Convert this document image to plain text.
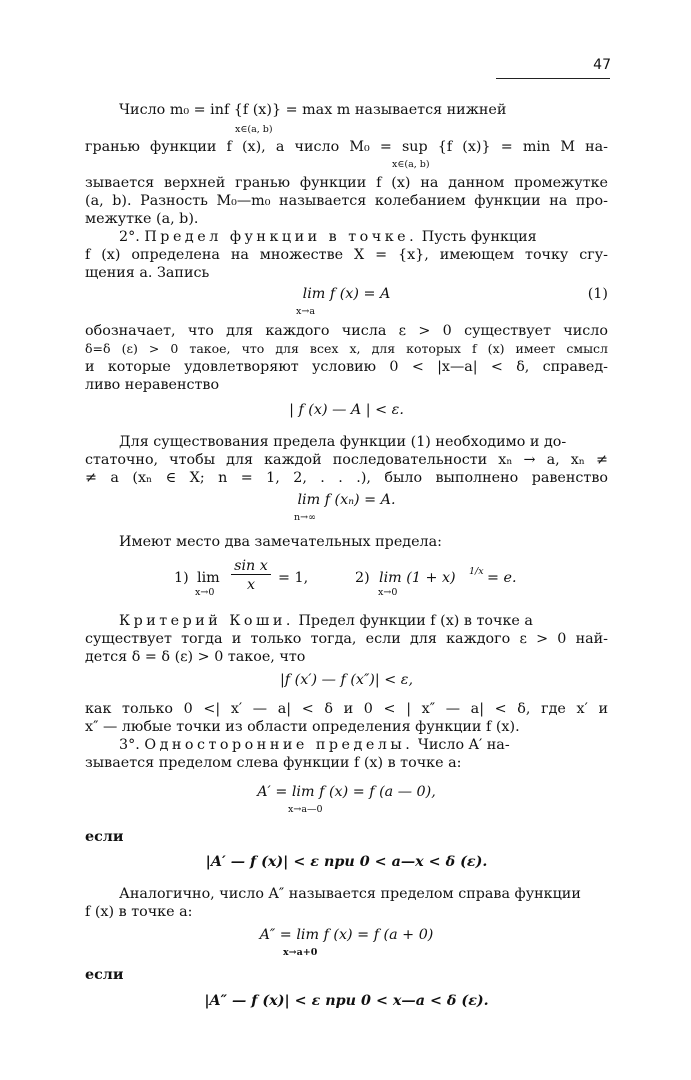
47
Число m₀ = inf {f (x)} = max m называется нижней
x∈(a, b)
гранью функции f (x), а число M₀ = sup {f (x)} = min M на-
x∈(a, b)
зывается верхней гранью функции f (x) на данном промежутке
(a, b). Разность M₀—m₀ называется колебанием функции на про-
межутке (a, b).
2°. Предел функции в точке. Пусть функция
f (x) определена на множестве X = {x}, имеющем точку сгу-
щения a. Запись
lim f (x) = A	(1)
x→a
обозначает, что для каждого числа ε > 0 существует число
δ=δ (ε) > 0 такое, что для всех x, для которых f (x) имеет смысл
и которые удовлетворяют условию 0 < |x—a| < δ, справед-
ливо неравенство
| f (x) — A | < ε.
Для существования предела функции (1) необходимо и до-
статочно, чтобы для каждой последовательности xₙ → a, xₙ ≠
≠ a (xₙ ∈ X; n = 1, 2, . . .), было выполнено равенство
lim f (xₙ) = A.
n→∞
Имеют место два замечательных предела:
1) lim
x→0
sin x
x	= 1,	2) lim (1 + x) 1/x = e.
x→0
Критерий Коши. Предел функции f (x) в точке a
существует тогда и только тогда, если для каждого ε > 0 най-
дется δ = δ (ε) > 0 такое, что
|f (x′) — f (x″)| < ε,
как только 0 <| x′ — a| < δ и 0 < | x″ — a| < δ, где x′ и
x″ — любые точки из области определения функции f (x).
3°. Односторонние пределы. Число A′ на-
зывается пределом слева функции f (x) в точке a:
A′ = lim f (x) = f (a — 0),
x→a—0
если
|A′ — f (x)| < ε при 0 < a—x < δ (ε).
Аналогично, число A″ называется пределом справа функции
f (x) в точке a:
A″ = lim f (x) = f (a + 0)
x→a+0
если
|A″ — f (x)| < ε при 0 < x—a < δ (ε).
